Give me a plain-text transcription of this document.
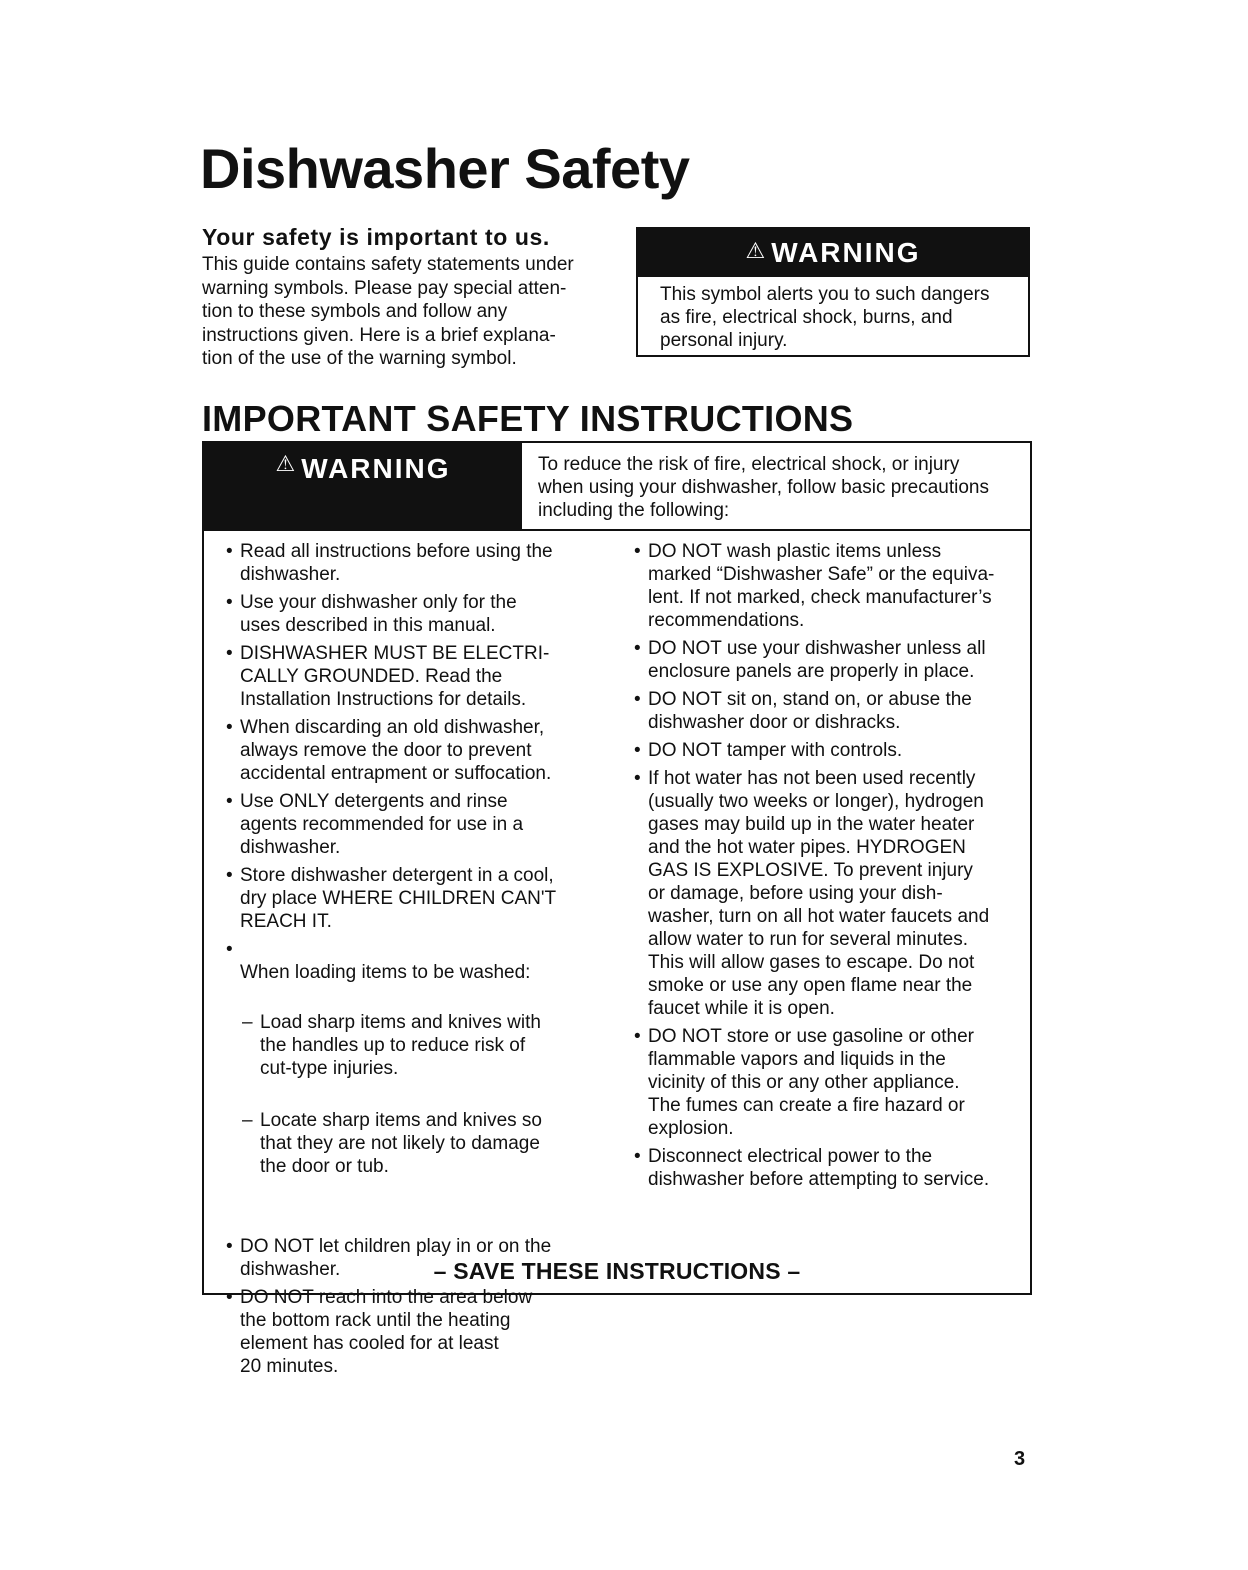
Dishwasher Safety
Your safety is important to us.

This guide contains safety statements under
warning symbols. Please pay special atten-
tion to these symbols and follow any
instructions given. Here is a brief explana-
tion of the use of the warning symbol.

⚠ WARNING

This symbol alerts you to such dangers
as fire, electrical shock, burns, and
personal injury.

IMPORTANT SAFETY INSTRUCTIONS
⚠ WARNING	To reduce the risk of fire, electrical shock, or injury
when using your dishwasher, follow basic precautions
including the following:

• Read all instructions before using the
dishwasher.
• Use your dishwasher only for the
uses described in this manual.
• DISHWASHER MUST BE ELECTRI-
CALLY GROUNDED. Read the
Installation Instructions for details.
• When discarding an old dishwasher,
always remove the door to prevent
accidental entrapment or suffocation.
• Use ONLY detergents and rinse
agents recommended for use in a
dishwasher.
• Store dishwasher detergent in a cool,
dry place WHERE CHILDREN CAN'T
REACH IT.

• When loading items to be washed:

– Load sharp items and knives with
the handles up to reduce risk of
cut-type injuries.

– Locate sharp items and knives so
that they are not likely to damage
the door or tub.

• DO NOT let children play in or on the
dishwasher.
• DO NOT reach into the area below
the bottom rack until the heating
element has cooled for at least
20 minutes.
• DO NOT wash plastic items unless
marked “Dishwasher Safe” or the equiva-
lent. If not marked, check manufacturer’s
recommendations.
• DO NOT use your dishwasher unless all
enclosure panels are properly in place.
• DO NOT sit on, stand on, or abuse the
dishwasher door or dishracks.
• DO NOT tamper with controls.
• If hot water has not been used recently
(usually two weeks or longer), hydrogen
gases may build up in the water heater
and the hot water pipes. HYDROGEN
GAS IS EXPLOSIVE. To prevent injury
or damage, before using your dish-
washer, turn on all hot water faucets and
allow water to run for several minutes.
This will allow gases to escape. Do not
smoke or use any open flame near the
faucet while it is open.
• DO NOT store or use gasoline or other
flammable vapors and liquids in the
vicinity of this or any other appliance.
The fumes can create a fire hazard or
explosion.
• Disconnect electrical power to the
dishwasher before attempting to service.

– SAVE THESE INSTRUCTIONS –

3
